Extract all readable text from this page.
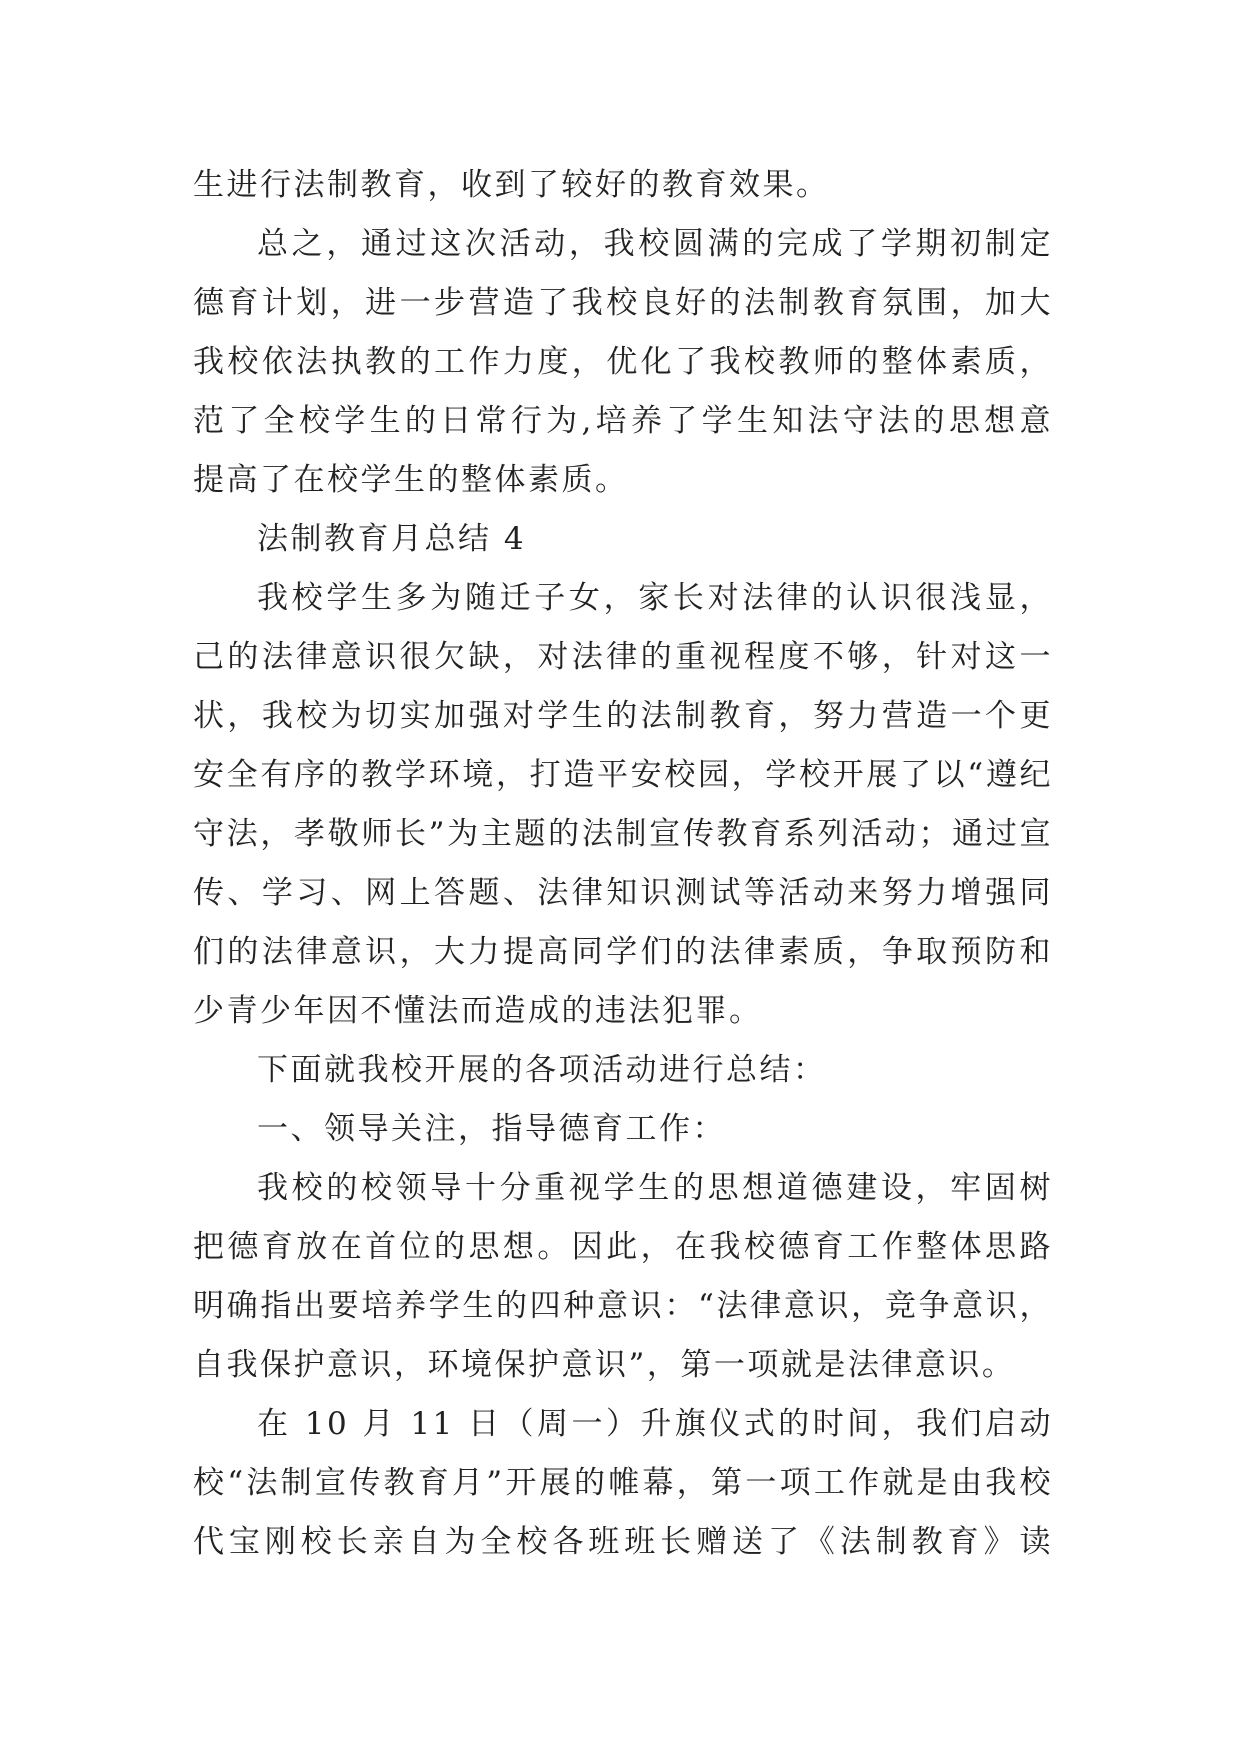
生进行法制教育，收到了较好的教育效果。
总之，通过这次活动，我校圆满的完成了学期初制定
德育计划，进一步营造了我校良好的法制教育氛围，加大
我校依法执教的工作力度，优化了我校教师的整体素质，
范了全校学生的日常行为,培养了学生知法守法的思想意
提高了在校学生的整体素质。
法制教育月总结 4
我校学生多为随迁子女，家长对法律的认识很浅显，
己的法律意识很欠缺，对法律的重视程度不够，针对这一
状，我校为切实加强对学生的法制教育，努力营造一个更
安全有序的教学环境，打造平安校园，学校开展了以“遵纪
守法，孝敬师长”为主题的法制宣传教育系列活动；通过宣
传、学习、网上答题、法律知识测试等活动来努力增强同
们的法律意识，大力提高同学们的法律素质，争取预防和
少青少年因不懂法而造成的违法犯罪。
下面就我校开展的各项活动进行总结：
一、领导关注，指导德育工作：
我校的校领导十分重视学生的思想道德建设，牢固树
把德育放在首位的思想。因此，在我校德育工作整体思路
明确指出要培养学生的四种意识：“法律意识，竞争意识，
自我保护意识，环境保护意识”，第一项就是法律意识。
在 10 月 11 日（周一）升旗仪式的时间，我们启动
校“法制宣传教育月”开展的帷幕，第一项工作就是由我校
代宝刚校长亲自为全校各班班长赠送了《法制教育》读
